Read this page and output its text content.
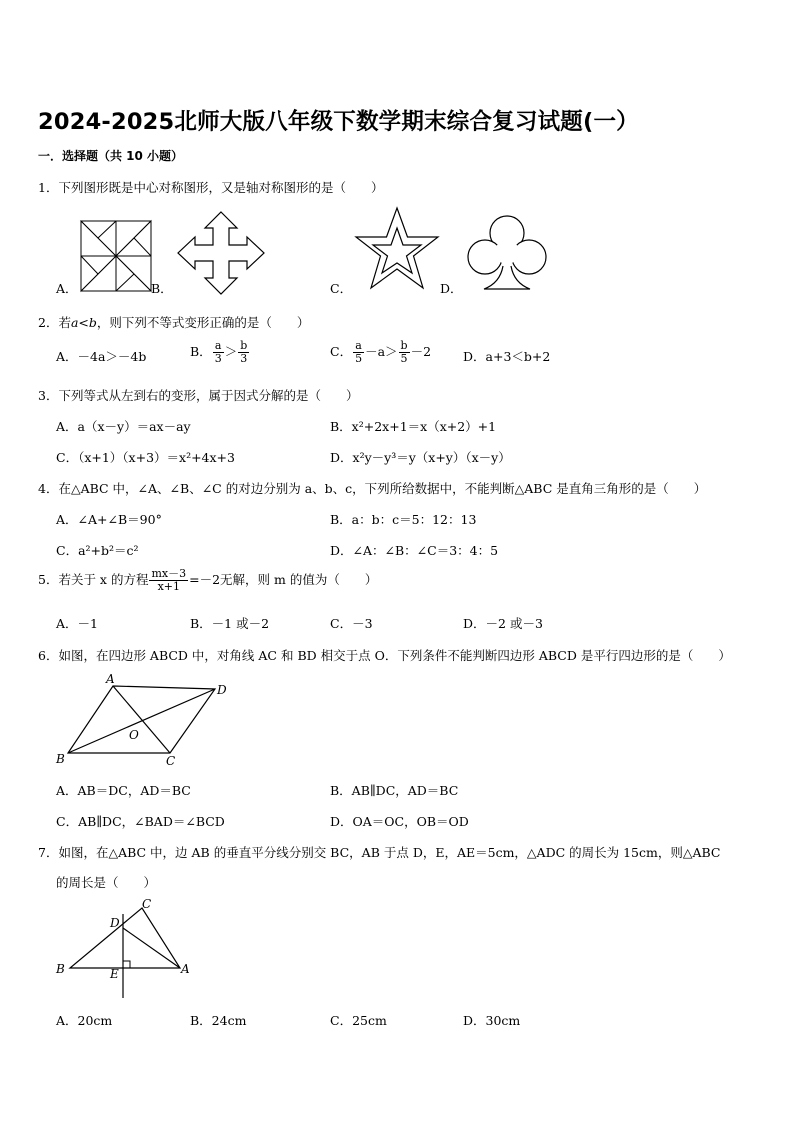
2024-2025北师大版八年级下数学期末综合复习试题(一）
一．选择题（共 10 小题）
1．下列图形既是中心对称图形，又是轴对称图形的是（　　）
A．	B．	C．	D．
2．若a<b，则下列不等式变形正确的是（　　）
A．－4a＞－4b	B． $\frac{a}{3} > \frac{b}{3}$	C． $\frac{a}{5} -a> \frac{b}{5} -2$	D．a+3＜b+2
3．下列等式从左到右的变形，属于因式分解的是（　　）
A．a（x－y）＝ax－ay	B．x²+2x+1＝x（x+2）+1
C．（x+1）（x+3）＝x²+4x+3	D．x²y－y³＝y（x+y）（x－y）
4．在△ABC 中，∠A、∠B、∠C 的对边分别为 a、b、c，下列所给数据中，不能判断△ABC 是直角三角形的是（　　）
A．∠A+∠B＝90°	B．a：b：c＝5：12：13
C．a²+b²＝c²	D．∠A：∠B：∠C＝3：4：5
5．若关于 x 的方程 $\frac{mx-3}{x+1} =-2$无解，则 m 的值为（　　）
A．－1	B．－1 或－2	C．－3	D．－2 或－3
6．如图，在四边形 ABCD 中，对角线 AC 和 BD 相交于点 O．下列条件不能判断四边形 ABCD 是平行四边形的是（　　）
A
D
B	C
O
A．AB＝DC，AD＝BC	B．AB∥DC，AD＝BC
C．AB∥DC，∠BAD＝∠BCD	D．OA＝OC，OB＝OD
7．如图，在△ABC 中，边 AB 的垂直平分线分别交 BC，AB 于点 D，E，AE＝5cm，△ADC 的周长为 15cm，则△ABC
的周长是（　　）
C
D
B	A
E
A．20cm	B．24cm	C．25cm	D．30cm
